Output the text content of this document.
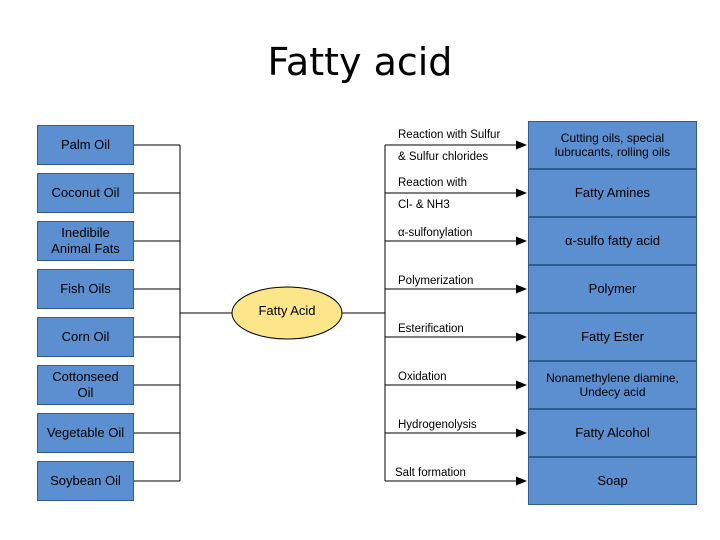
Fatty acid
Fatty Acid
Palm Oil
Coconut Oil
Inedibile Animal Fats
Fish Oils
Corn Oil
Cottonseed Oil
Vegetable Oil
Soybean Oil
Reaction with Sulfur
& Sulfur chlorides
Reaction with
Cl- & NH3
α-sulfonylation
Polymerization
Esterification
Oxidation
Hydrogenolysis
Salt formation
Cutting oils, special lubrucants, rolling oils
Fatty Amines
α-sulfo fatty acid
Polymer
Fatty Ester
Nonamethylene diamine, Undecy acid
Fatty Alcohol
Soap
